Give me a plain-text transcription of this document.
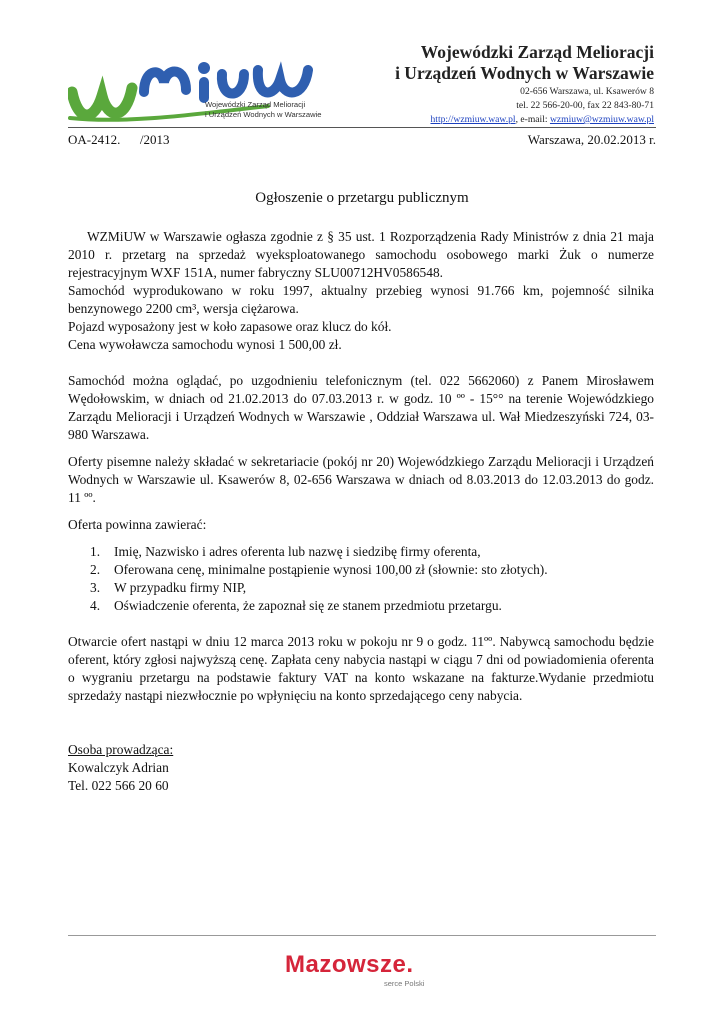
Wojewódzki Zarząd Melioracji
i Urządzeń Wodnych w Warszawie
Wojewódzki Zarząd Melioracji
i Urządzeń Wodnych w Warszawie
02-656 Warszawa, ul. Ksawerów 8
tel. 22 566-20-00, fax 22 843-80-71
http://wzmiuw.waw.pl, e-mail: wzmiuw@wzmiuw.waw.pl
OA-2412.      /2013	Warszawa, 20.02.2013 r.
Ogłoszenie o przetargu publicznym

WZMiUW w Warszawie ogłasza zgodnie z § 35 ust. 1 Rozporządzenia Rady Ministrów z dnia 21 maja 2010 r. przetarg na sprzedaż wyeksploatowanego samochodu osobowego marki Żuk o numerze rejestracyjnym WXF 151A, numer fabryczny SLU00712HV0586548.

Samochód wyprodukowano w roku 1997, aktualny przebieg wynosi 91.766 km, pojemność silnika benzynowego 2200 cm³, wersja ciężarowa.

Pojazd wyposażony jest w koło zapasowe oraz klucz do kół.

Cena wywoławcza samochodu wynosi 1 500,00 zł.

Samochód można oglądać, po uzgodnieniu telefonicznym (tel. 022 5662060) z Panem Mirosławem Wędołowskim, w dniach od 21.02.2013 do 07.03.2013 r. w godz. 10 ºº - 15°° na terenie Wojewódzkiego Zarządu Melioracji i Urządzeń Wodnych w Warszawie , Oddział Warszawa ul. Wał Miedzeszyński 724, 03-980 Warszawa.

Oferty pisemne należy składać w sekretariacie (pokój nr 20) Wojewódzkiego Zarządu Melioracji i Urządzeń Wodnych w Warszawie ul. Ksawerów 8, 02-656 Warszawa w dniach od 8.03.2013 do 12.03.2013 do godz. 11 ºº.

Oferta powinna zawierać:

1. Imię, Nazwisko i adres oferenta lub nazwę i siedzibę firmy oferenta,
2. Oferowana cenę, minimalne postąpienie wynosi 100,00 zł (słownie: sto złotych).
3. W przypadku firmy NIP,
4. Oświadczenie oferenta, że zapoznał się ze stanem przedmiotu przetargu.

Otwarcie ofert nastąpi w dniu 12 marca 2013 roku w pokoju nr 9 o godz. 11ºº. Nabywcą samochodu będzie oferent, który zgłosi najwyższą cenę. Zapłata ceny nabycia nastąpi w ciągu 7 dni od powiadomienia oferenta o wygraniu przetargu na podstawie faktury VAT na konto wskazane na fakturze.Wydanie przedmiotu sprzedaży nastąpi niezwłocznie po wpłynięciu na konto sprzedającego ceny nabycia.

Osoba prowadząca:

Kowalczyk Adrian

Tel. 022 566 20 60

Mazowsze.
serce Polski
